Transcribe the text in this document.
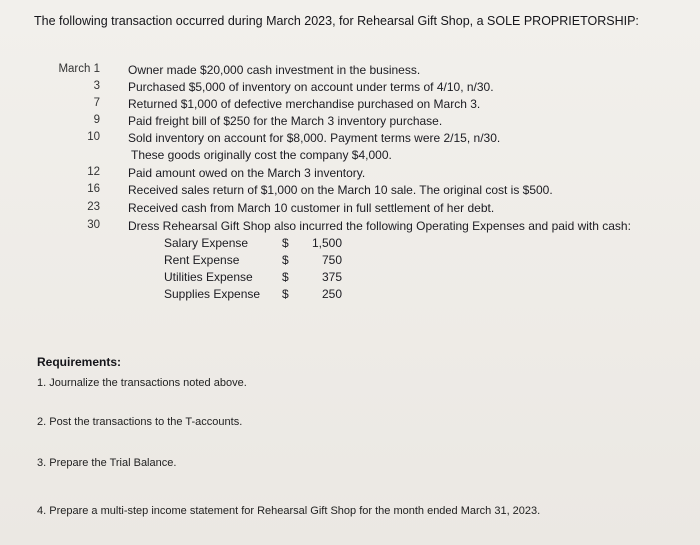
The following transaction occurred during March 2023, for Rehearsal Gift Shop, a SOLE PROPRIETORSHIP:
March 1 Owner made $20,000 cash investment in the business.
3 Purchased $5,000 of inventory on account under terms of 4/10, n/30.
7 Returned $1,000 of defective merchandise purchased on March 3.
9 Paid freight bill of $250 for the March 3 inventory purchase.
10 Sold inventory on account for $8,000. Payment terms were 2/15, n/30.
These goods originally cost the company $4,000.
12 Paid amount owed on the March 3 inventory.
16 Received sales return of $1,000 on the March 10 sale. The original cost is $500.
23 Received cash from March 10 customer in full settlement of her debt.
30 Dress Rehearsal Gift Shop also incurred the following Operating Expenses and paid with cash:
Salary Expense	$	1,500
Rent Expense	$	750
Utilities Expense $	375
Supplies Expense $	250
Requirements:
1. Journalize the transactions noted above.
2. Post the transactions to the T-accounts.
3. Prepare the Trial Balance.
4. Prepare a multi-step income statement for Rehearsal Gift Shop for the month ended March 31, 2023.
